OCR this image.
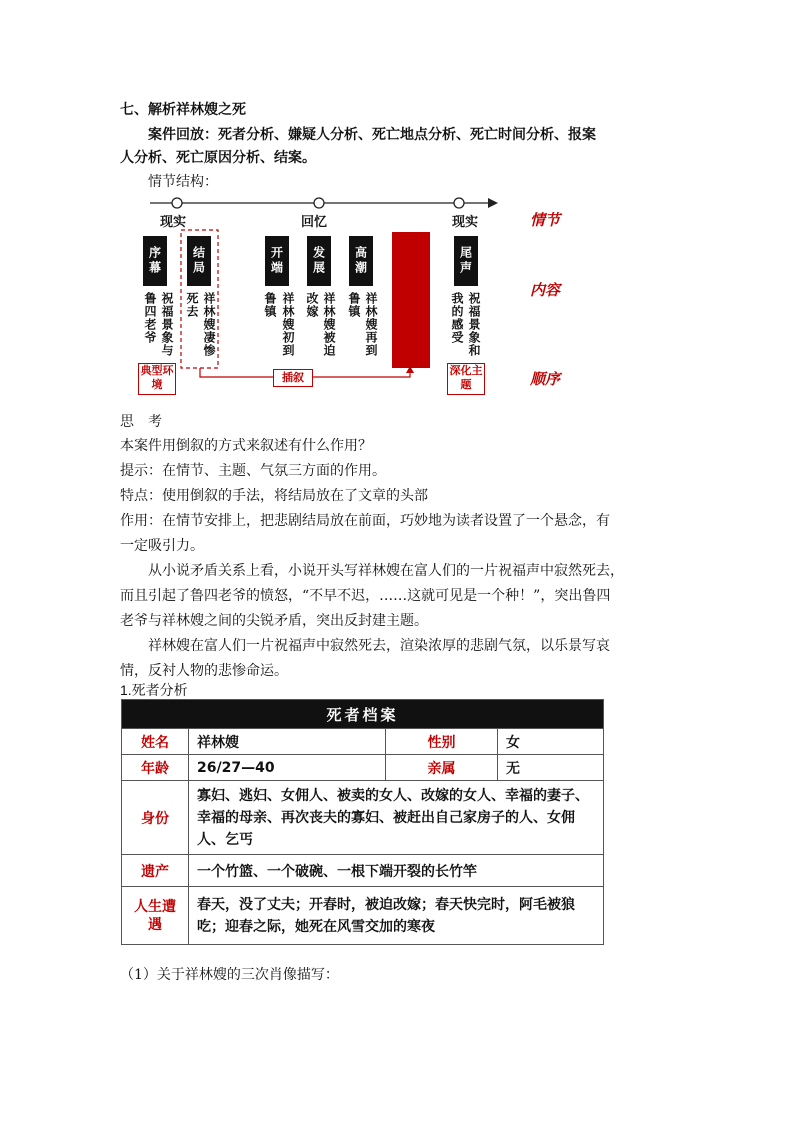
七、解析祥林嫂之死
案件回放：死者分析、嫌疑人分析、死亡地点分析、死亡时间分析、报案
人分析、死亡原因分析、结案。
情节结构：
现实	回忆	现实	情节
内容
顺序
序幕	结局	开端	发展	高潮	尾声
鲁四老爷 祝福景象与 祥林嫂凄惨
死去	鲁镇 祥林嫂初到 改嫁 祥林嫂被迫 鲁镇 祥林嫂再到	我的感受 祝福景象和
典型环境
插叙
深化主题
思　考
本案件用倒叙的方式来叙述有什么作用？
提示：在情节、主题、气氛三方面的作用。
特点：使用倒叙的手法，将结局放在了文章的头部
作用：在情节安排上，把悲剧结局放在前面，巧妙地为读者设置了一个悬念，有
一定吸引力。
从小说矛盾关系上看，小说开头写祥林嫂在富人们的一片祝福声中寂然死去，
而且引起了鲁四老爷的愤怒，“不早不迟，……这就可见是一个种！”，突出鲁四
老爷与祥林嫂之间的尖锐矛盾，突出反封建主题。
祥林嫂在富人们一片祝福声中寂然死去，渲染浓厚的悲剧气氛，以乐景写哀
情，反衬人物的悲惨命运。
1.死者分析
死者档案			
姓名	祥林嫂	性别	女
年龄	26/27—40	亲属	无
身份	寡妇、逃妇、女佣人、被卖的女人、改嫁的女人、幸福的妻子、幸福的母亲、再次丧夫的寡妇、被赶出自己家房子的人、女佣人、乞丐		
遗产	一个竹篮、一个破碗、一根下端开裂的长竹竿		
人生遭遇	春天，没了丈夫；开春时，被迫改嫁；春天快完时，阿毛被狼吃；迎春之际，她死在风雪交加的寒夜		
（1）关于祥林嫂的三次肖像描写：
